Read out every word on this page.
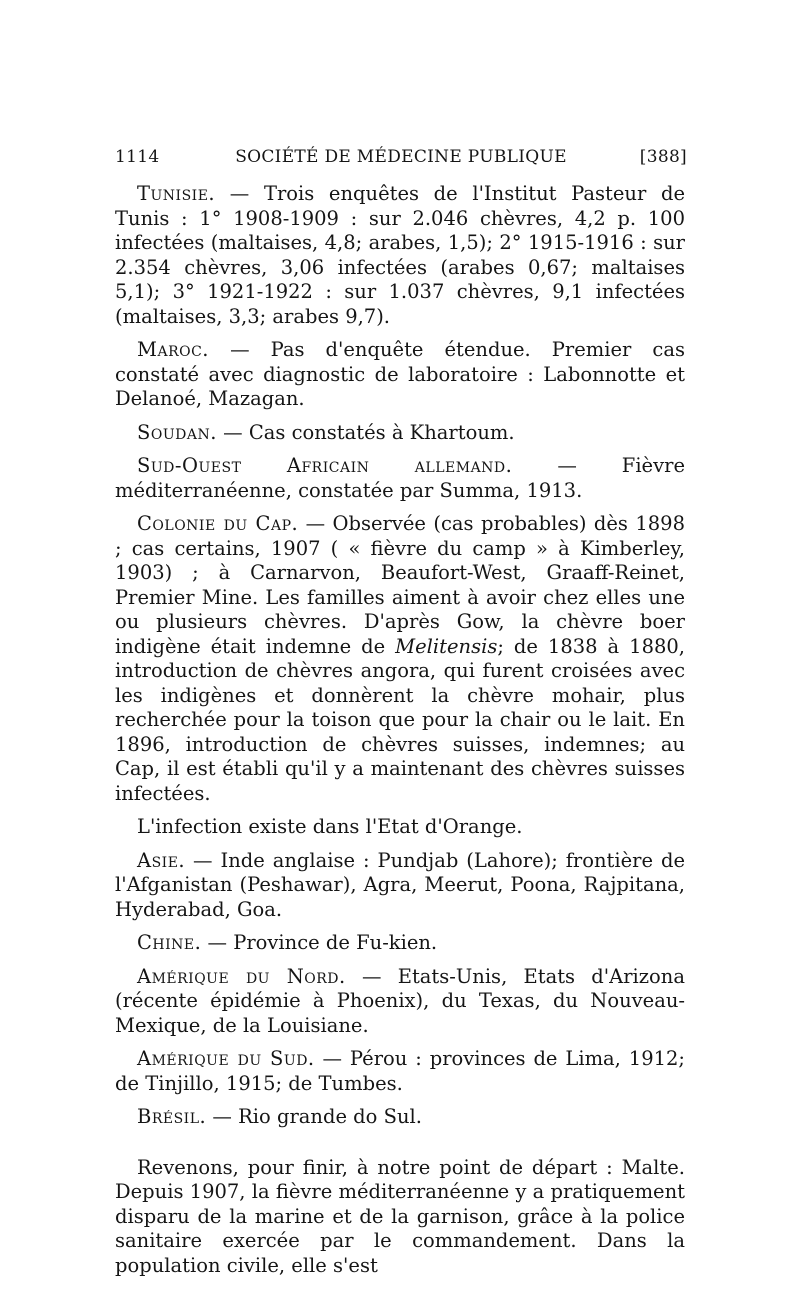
1114	SOCIÉTÉ DE MÉDECINE PUBLIQUE	[388]

Tunisie. — Trois enquêtes de l'Institut Pasteur de Tunis : 1° 1908-1909 : sur 2.046 chèvres, 4,2 p. 100 infectées (maltaises, 4,8; arabes, 1,5); 2° 1915-1916 : sur 2.354 chèvres, 3,06 infectées (arabes 0,67; maltaises 5,1); 3° 1921-1922 : sur 1.037 chèvres, 9,1 infectées (maltaises, 3,3; arabes 9,7).

Maroc. — Pas d'enquête étendue. Premier cas constaté avec diagnostic de laboratoire : Labonnotte et Delanoé, Mazagan.

Soudan. — Cas constatés à Khartoum.

Sud-Ouest Africain allemand. — Fièvre méditerranéenne, constatée par Summa, 1913.

Colonie du Cap. — Observée (cas probables) dès 1898 ; cas certains, 1907 ( « fièvre du camp » à Kimberley, 1903) ; à Carnarvon, Beaufort-West, Graaff-Reinet, Premier Mine. Les familles aiment à avoir chez elles une ou plusieurs chèvres. D'après Gow, la chèvre boer indigène était indemne de Melitensis; de 1838 à 1880, introduction de chèvres angora, qui furent croisées avec les indigènes et donnèrent la chèvre mohair, plus recherchée pour la toison que pour la chair ou le lait. En 1896, introduction de chèvres suisses, indemnes; au Cap, il est établi qu'il y a maintenant des chèvres suisses infectées.

L'infection existe dans l'Etat d'Orange.

Asie. — Inde anglaise : Pundjab (Lahore); frontière de l'Afganistan (Peshawar), Agra, Meerut, Poona, Rajpitana, Hyderabad, Goa.

Chine. — Province de Fu-kien.

Amérique du Nord. — Etats-Unis, Etats d'Arizona (récente épidémie à Phoenix), du Texas, du Nouveau-Mexique, de la Louisiane.

Amérique du Sud. — Pérou : provinces de Lima, 1912; de Tinjillo, 1915; de Tumbes.

Brésil. — Rio grande do Sul.

Revenons, pour finir, à notre point de départ : Malte. Depuis 1907, la fièvre méditerranéenne y a pratiquement disparu de la marine et de la garnison, grâce à la police sanitaire exercée par le commandement. Dans la population civile, elle s'est
